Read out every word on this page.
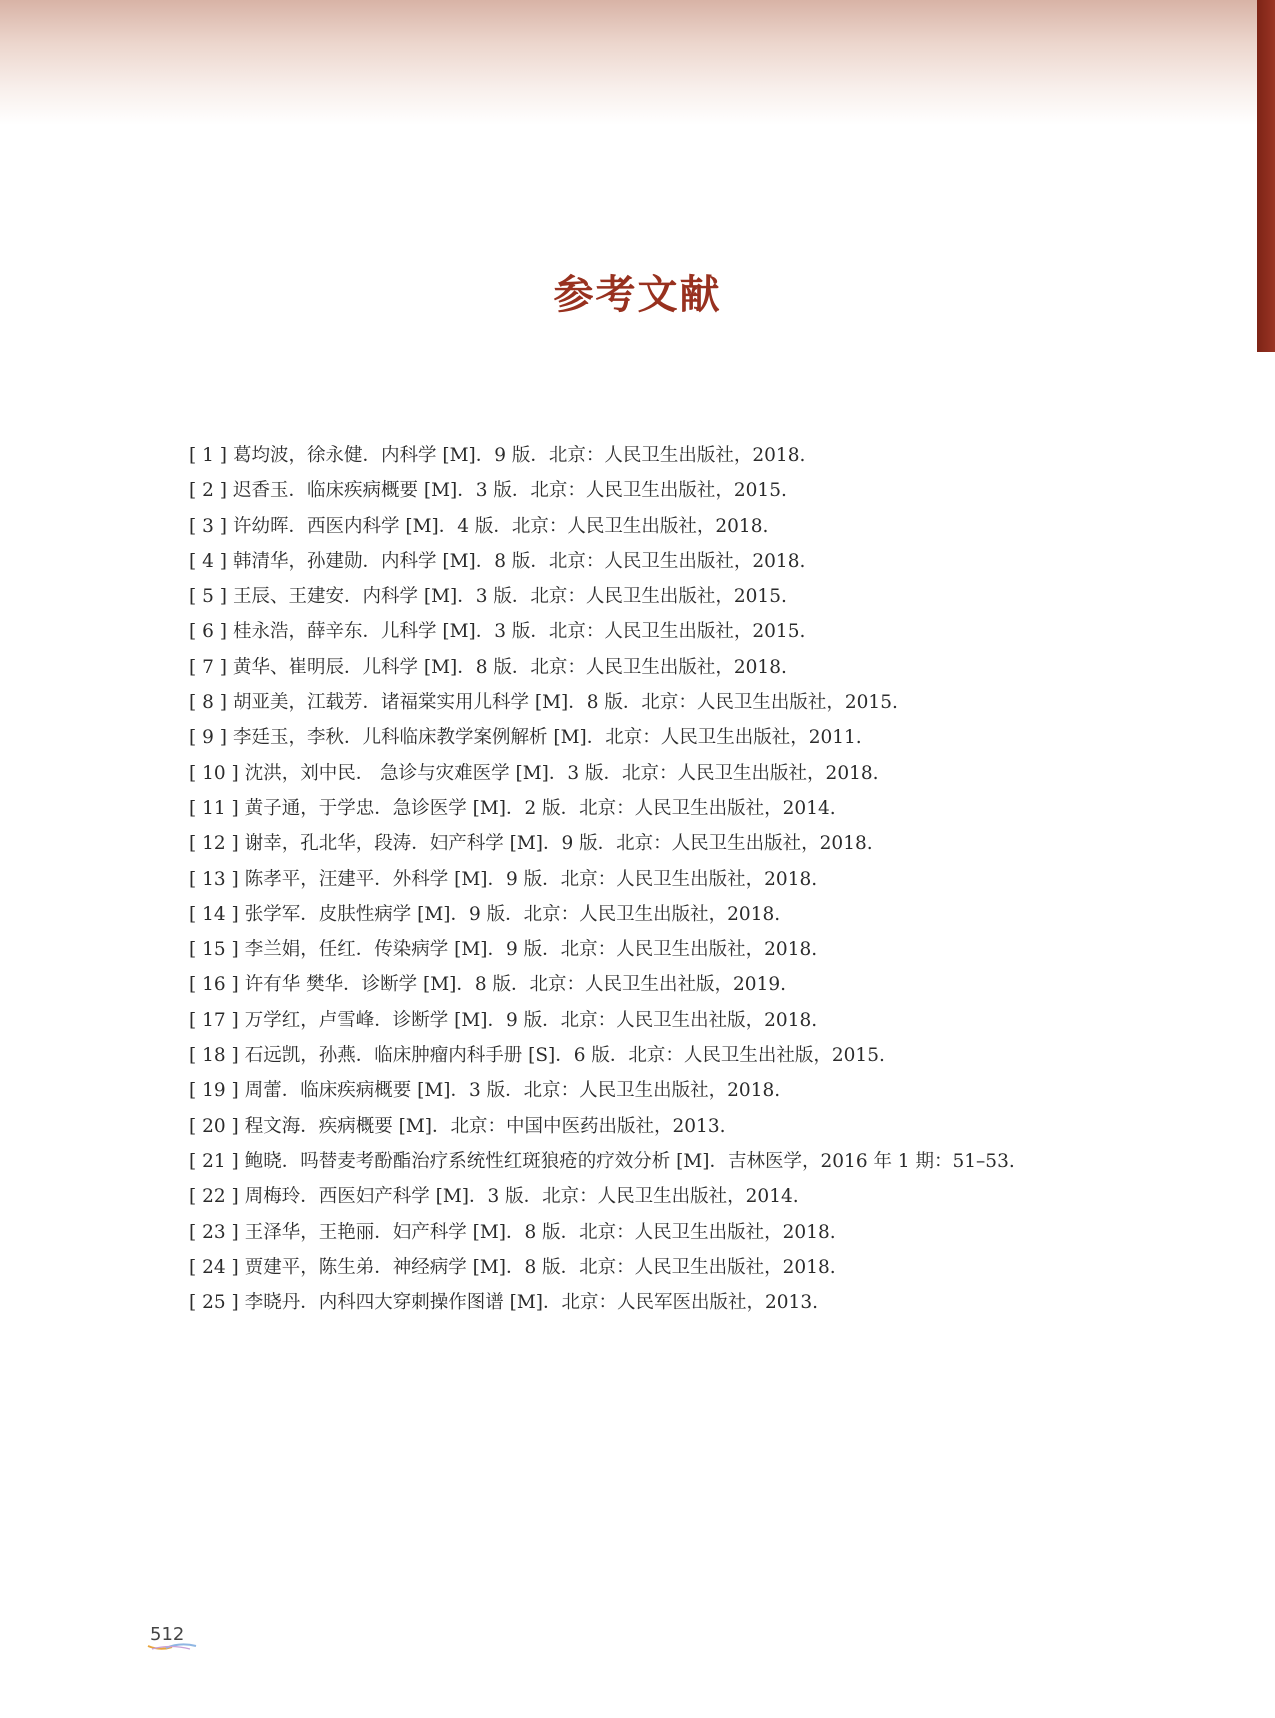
参考文献
[ 1 ] 葛均波，徐永健．内科学 [M]．9 版．北京：人民卫生出版社，2018.
[ 2 ] 迟香玉．临床疾病概要 [M]．3 版．北京：人民卫生出版社，2015.
[ 3 ] 许幼晖．西医内科学 [M]．4 版．北京：人民卫生出版社，2018.
[ 4 ] 韩清华，孙建勋．内科学 [M]．8 版．北京：人民卫生出版社，2018.
[ 5 ] 王辰、王建安．内科学 [M]．3 版．北京：人民卫生出版社，2015.
[ 6 ] 桂永浩，薛辛东．儿科学 [M]．3 版．北京：人民卫生出版社，2015.
[ 7 ] 黄华、崔明辰．儿科学 [M]．8 版．北京：人民卫生出版社，2018.
[ 8 ] 胡亚美，江载芳．诸福棠实用儿科学 [M]．8 版．北京：人民卫生出版社，2015.
[ 9 ] 李廷玉，李秋．儿科临床教学案例解析 [M]．北京：人民卫生出版社，2011.
[ 10 ] 沈洪，刘中民． 急诊与灾难医学 [M]．3 版．北京：人民卫生出版社，2018.
[ 11 ] 黄子通，于学忠．急诊医学 [M]．2 版．北京：人民卫生出版社，2014.
[ 12 ] 谢幸，孔北华，段涛．妇产科学 [M]．9 版．北京：人民卫生出版社，2018.
[ 13 ] 陈孝平，汪建平．外科学 [M]．9 版．北京：人民卫生出版社，2018.
[ 14 ] 张学军．皮肤性病学 [M]．9 版．北京：人民卫生出版社，2018.
[ 15 ] 李兰娟，任红．传染病学 [M]．9 版．北京：人民卫生出版社，2018.
[ 16 ] 许有华 樊华．诊断学 [M]．8 版．北京：人民卫生出社版，2019.
[ 17 ] 万学红，卢雪峰．诊断学 [M]．9 版．北京：人民卫生出社版，2018.
[ 18 ] 石远凯，孙燕．临床肿瘤内科手册 [S]．6 版．北京：人民卫生出社版，2015.
[ 19 ] 周蕾．临床疾病概要 [M]．3 版．北京：人民卫生出版社，2018.
[ 20 ] 程文海．疾病概要 [M]．北京：中国中医药出版社，2013.
[ 21 ] 鲍晓．吗替麦考酚酯治疗系统性红斑狼疮的疗效分析 [M]．吉林医学，2016 年 1 期：51–53.
[ 22 ] 周梅玲．西医妇产科学 [M]．3 版．北京：人民卫生出版社，2014.
[ 23 ] 王泽华，王艳丽．妇产科学 [M]．8 版．北京：人民卫生出版社，2018.
[ 24 ] 贾建平，陈生弟．神经病学 [M]．8 版．北京：人民卫生出版社，2018.
[ 25 ] 李晓丹．内科四大穿刺操作图谱 [M]．北京：人民军医出版社，2013.
512
